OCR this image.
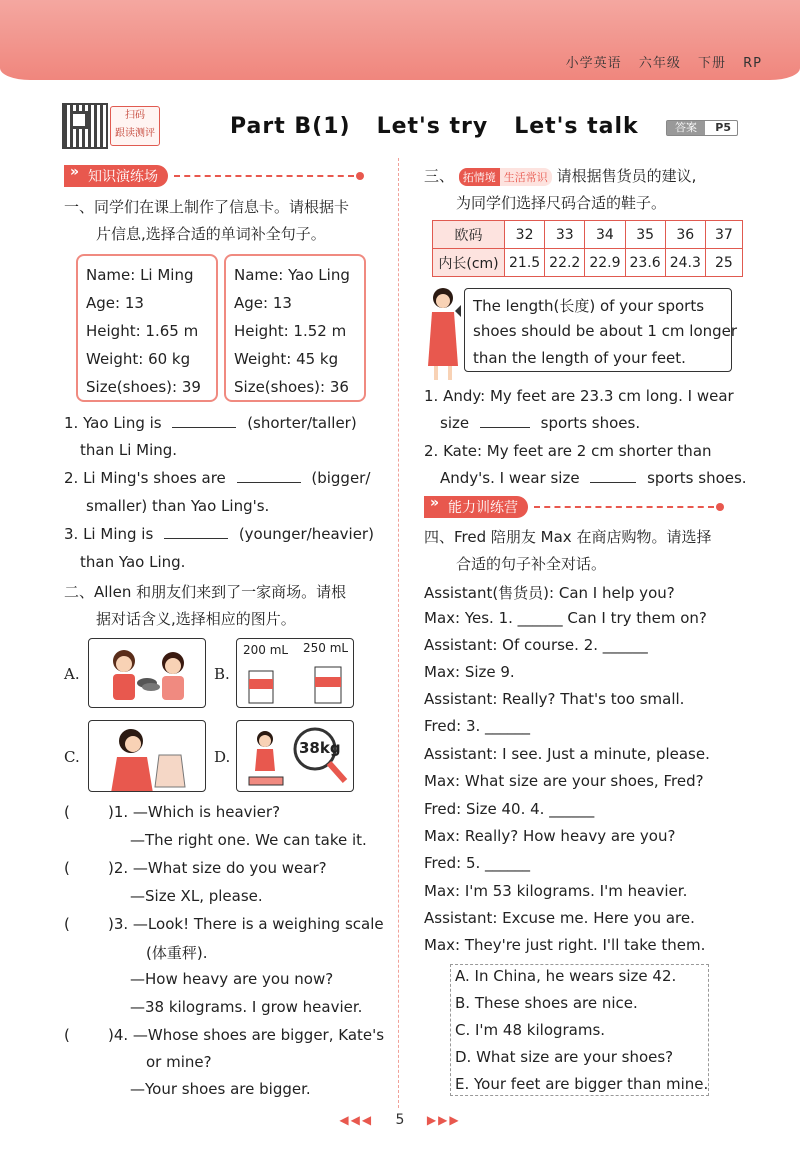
小学英语 六年级 下册 RP
扫码
跟读测评	Part B(1)   Let's try   Let's talk	答案	P5
» 知识演练场
一、同学们在课上制作了信息卡。请根据卡
片信息,选择合适的单词补全句子。
Name: Li Ming
Age: 13
Height: 1.65 m
Weight: 60 kg
Size(shoes): 39
Name: Yao Ling
Age: 13
Height: 1.52 m
Weight: 45 kg
Size(shoes): 36
1. Yao Ling is	(shorter/taller)
than Li Ming.
2. Li Ming's shoes are	(bigger/
smaller) than Yao Ling's.
3. Li Ming is	(younger/heavier)
than Yao Ling.
二、Allen 和朋友们来到了一家商场。请根
据对话含义,选择相应的图片。
A.	B.
200 mL 250 mL
C.	D.	38kg
(	)1. —Which is heavier?
—The right one. We can take it.
(	)2. —What size do you wear?
—Size XL, please.
(	)3. —Look! There is a weighing scale
(体重秤).
—How heavy are you now?
—38 kilograms. I grow heavier.
(	)4. —Whose shoes are bigger, Kate's
or mine?
—Your shoes are bigger.
三、 拓情境 生活常识 请根据售货员的建议,
为同学们选择尺码合适的鞋子。
欧码	32	33	34	35	36	37
内长(cm)	21.5	22.2	22.9	23.6	24.3	25
The length(长度) of your sports
shoes should be about 1 cm longer
than the length of your feet.
1. Andy: My feet are 23.3 cm long. I wear
size	sports shoes.
2. Kate: My feet are 2 cm shorter than
Andy's. I wear size	sports shoes.
» 能力训练营
四、Fred 陪朋友 Max 在商店购物。请选择
合适的句子补全对话。
Assistant(售货员): Can I help you?
Max: Yes. 1. ______ Can I try them on?
Assistant: Of course. 2. ______
Max: Size 9.
Assistant: Really? That's too small.
Fred: 3. ______
Assistant: I see. Just a minute, please.
Max: What size are your shoes, Fred?
Fred: Size 40. 4. ______
Max: Really? How heavy are you?
Fred: 5. ______
Max: I'm 53 kilograms. I'm heavier.
Assistant: Excuse me. Here you are.
Max: They're just right. I'll take them.
A. In China, he wears size 42.
B. These shoes are nice.
C. I'm 48 kilograms.
D. What size are your shoes?
E. Your feet are bigger than mine.
◀◀◀ 5 ▶▶▶
